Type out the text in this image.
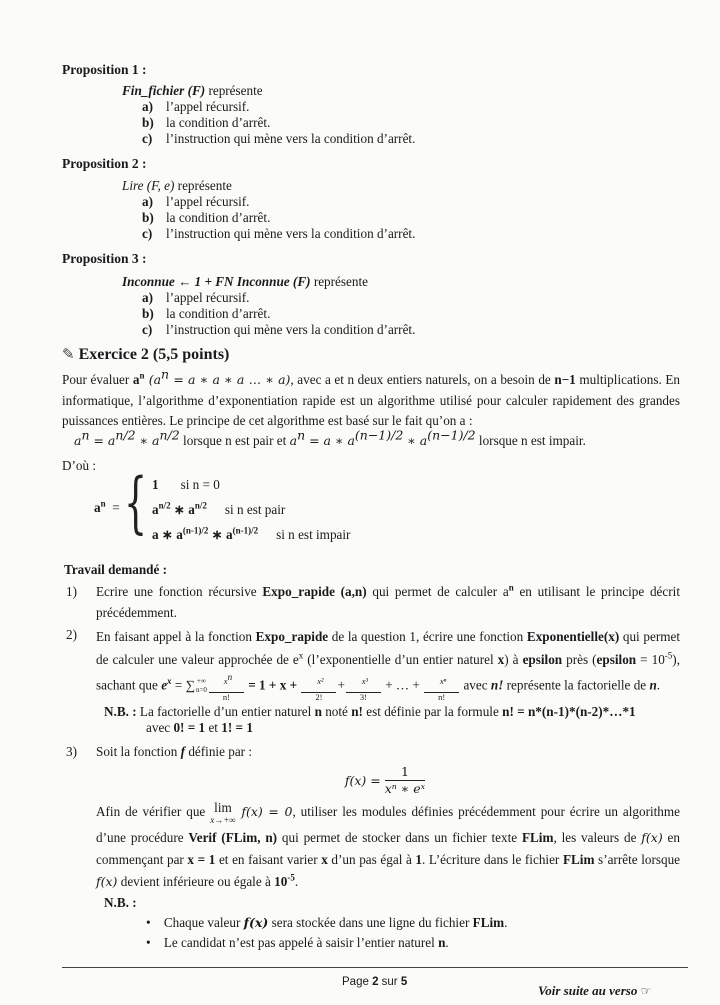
Proposition 1 :
Fin_fichier (F) représente
a) l’appel récursif.
b) la condition d’arrêt.
c) l’instruction qui mène vers la condition d’arrêt.
Proposition 2 :
Lire (F, e) représente
a) l’appel récursif.
b) la condition d’arrêt.
c) l’instruction qui mène vers la condition d’arrêt.
Proposition 3 :
Inconnue ← 1 + FN Inconnue (F) représente
a) l’appel récursif.
b) la condition d’arrêt.
c) l’instruction qui mène vers la condition d’arrêt.
✎ Exercice 2 (5,5 points)
Pour évaluer $a^n$ ($a^n = a$ ∗ a ∗ a … ∗ a), avec a et n deux entiers naturels, on a besoin de n−1 multiplications. En informatique, l’algorithme d’exponentiation rapide est un algorithme utilisé pour calculer rapidement des grandes puissances entières. Le principe de cet algorithme est basé sur le fait qu’on a :
$a^n = a^{n/2}$ ∗ $a^{n/2}$ lorsque n est pair et $a^n = a$ ∗ $a^{(n-1)/2}$ ∗ $a^{(n-1)/2}$ lorsque n est impair.
D’où :
$a^n$ = { 1 si n = 0
$a^{n/2}$ ∗ $a^{n/2}$ si n est pair
a ∗ $a^{(n-1)/2}$ ∗ $a^{(n-1)/2}$ si n est impair
Travail demandé :
1)	Ecrire une fonction récursive Expo_rapide (a,n) qui permet de calculer $a^n$ en utilisant le principe décrit précédemment.
2)	En faisant appel à la fonction Expo_rapide de la question 1, écrire une fonction Exponentielle(x) qui permet de calculer une valeur approchée de $e^x$ (l’exponentielle d’un entier naturel x) à epsilon près (epsilon = $10^{-5}$), sachant que $e^x$ = ∑ +∞
$n=0 \frac{x^n}{n!} = 1 + x + \frac{\text{x²}}{2!} + \frac{\text{x³}}{3!}$ + … + $\frac{\text{xⁿ}}{n!}$ avec n! représente la factorielle de n.
N.B. : La factorielle d’un entier naturel n noté n! est définie par la formule n! = n*(n-1)*(n-2)*…*1
avec 0! = 1 et 1! = 1
3)	Soit la fonction f définie par :
$f(x) = \frac{1}{\text{xⁿ ∗ eˣ}}$
Afin de vérifier que lim
x→+∞
f(x) = 0, utiliser les modules définies précédemment pour écrire un algorithme d’une procédure Verif (FLim, n) qui permet de stocker dans un fichier texte FLim, les valeurs de f(x) en commençant par x = 1 et en faisant varier x d’un pas égal à 1. L’écriture dans le fichier FLim s’arrête lorsque f(x) devient inférieure ou égale à $10^{-5}$.
N.B. :
• Chaque valeur f(x) sera stockée dans une ligne du fichier FLim.
• Le candidat n’est pas appelé à saisir l’entier naturel n.
Page 2 sur 5
Voir suite au verso ☞
